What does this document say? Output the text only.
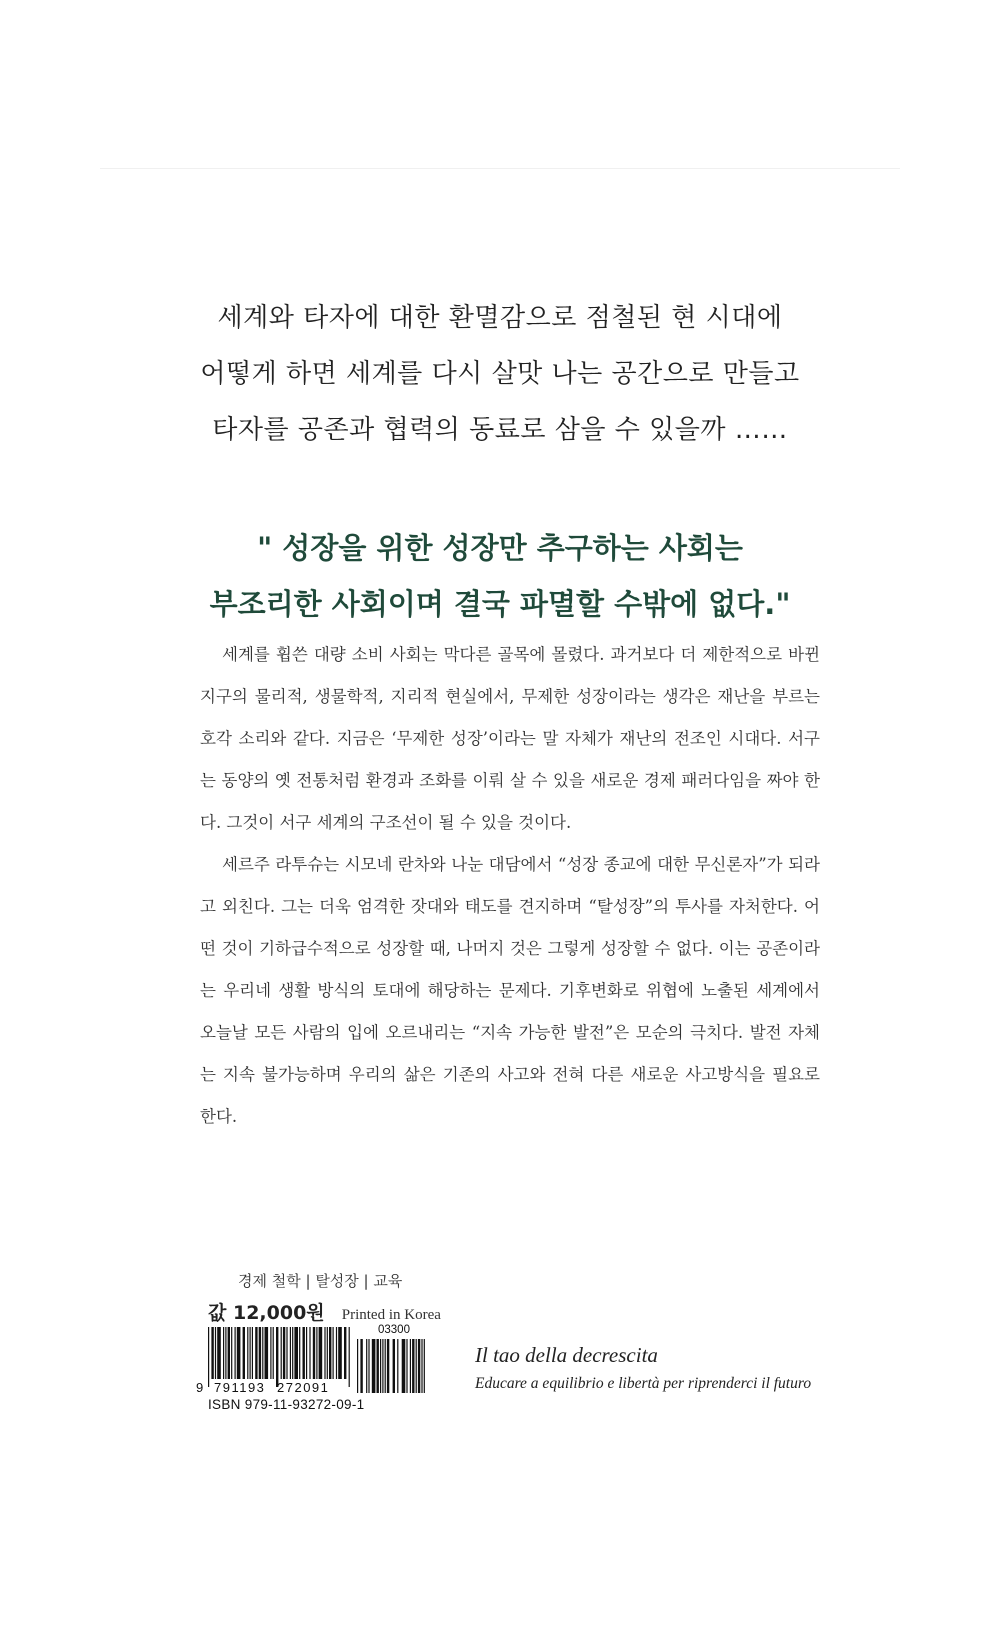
세계와 타자에 대한 환멸감으로 점철된 현 시대에
어떻게 하면 세계를 다시 살맛 나는 공간으로 만들고
타자를 공존과 협력의 동료로 삼을 수 있을까 ……
" 성장을 위한 성장만 추구하는 사회는
부조리한 사회이며 결국 파멸할 수밖에 없다."

세계를 휩쓴 대량 소비 사회는 막다른 골목에 몰렸다. 과거보다 더 제한적으로 바뀐 지구의 물리적, 생물학적, 지리적 현실에서, 무제한 성장이라는 생각은 재난을 부르는 호각 소리와 같다. 지금은 ‘무제한 성장’이라는 말 자체가 재난의 전조인 시대다. 서구는 동양의 옛 전통처럼 환경과 조화를 이뤄 살 수 있을 새로운 경제 패러다임을 짜야 한다. 그것이 서구 세계의 구조선이 될 수 있을 것이다.

세르주 라투슈는 시모네 란차와 나눈 대담에서 “성장 종교에 대한 무신론자”가 되라고 외친다. 그는 더욱 엄격한 잣대와 태도를 견지하며 “탈성장”의 투사를 자처한다. 어떤 것이 기하급수적으로 성장할 때, 나머지 것은 그렇게 성장할 수 없다. 이는 공존이라는 우리네 생활 방식의 토대에 해당하는 문제다. 기후변화로 위협에 노출된 세계에서 오늘날 모든 사람의 입에 오르내리는 “지속 가능한 발전”은 모순의 극치다. 발전 자체는 지속 불가능하며 우리의 삶은 기존의 사고와 전혀 다른 새로운 사고방식을 필요로 한다.

경제 철학 | 탈성장 | 교육
값 12,000원 Printed in Korea
9 791193 272091
03300
ISBN 979-11-93272-09-1
Il tao della decrescita
Educare a equilibrio e libertà per riprenderci il futuro
